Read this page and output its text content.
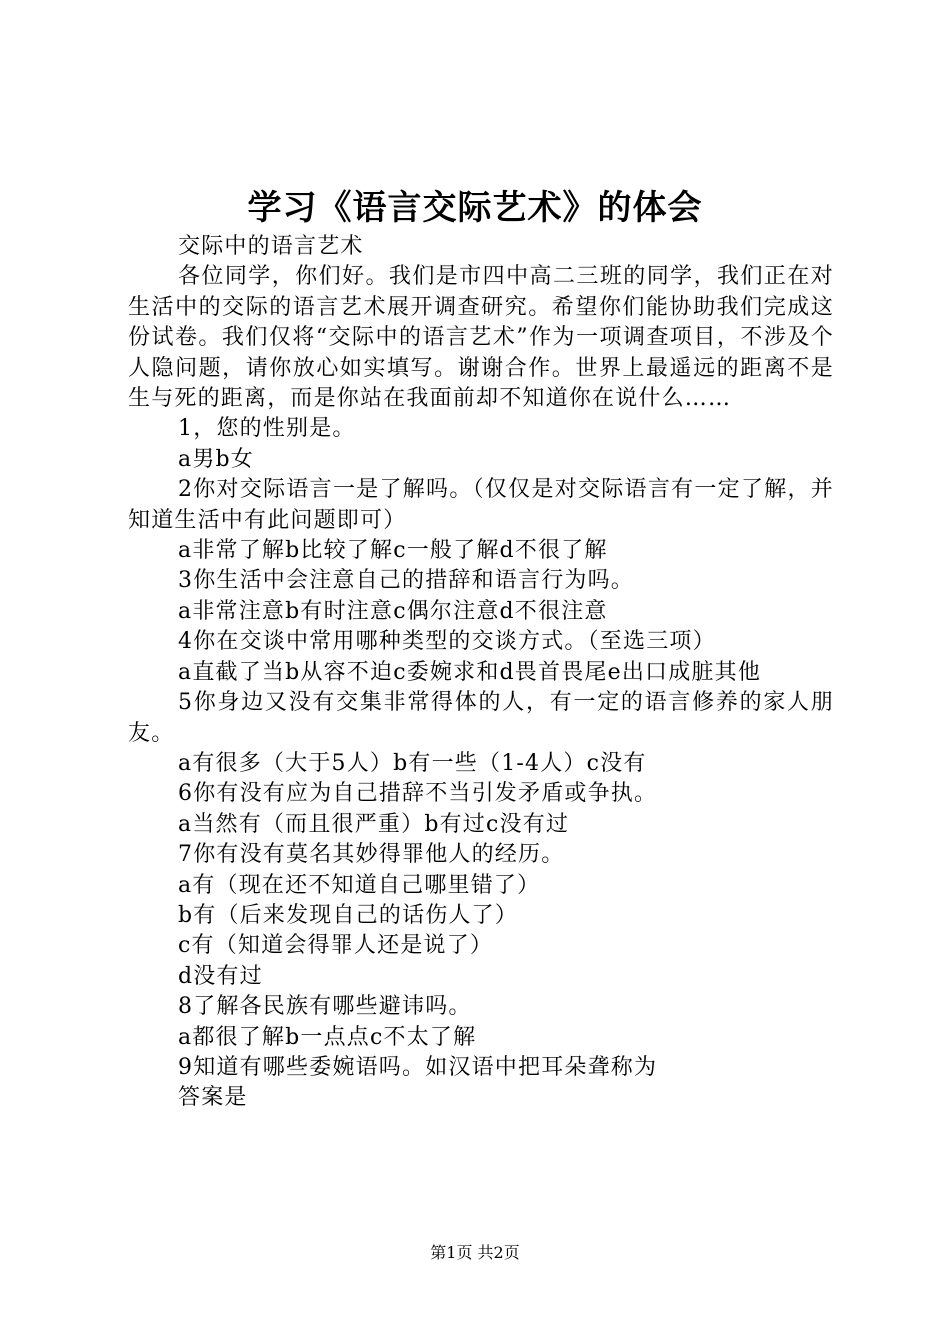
学习《语言交际艺术》的体会

交际中的语言艺术

各位同学，你们好。我们是市四中高二三班的同学，我们正在对生活中的交际的语言艺术展开调查研究。希望你们能协助我们完成这份试卷。我们仅将“交际中的语言艺术”作为一项调查项目，不涉及个人隐问题，请你放心如实填写。谢谢合作。世界上最遥远的距离不是生与死的距离，而是你站在我面前却不知道你在说什么……

1，您的性别是。

a男b女

2你对交际语言一是了解吗。（仅仅是对交际语言有一定了解，并知道生活中有此问题即可）

a非常了解b比较了解c一般了解d不很了解

3你生活中会注意自己的措辞和语言行为吗。

a非常注意b有时注意c偶尔注意d不很注意

4你在交谈中常用哪种类型的交谈方式。（至选三项）

a直截了当b从容不迫c委婉求和d畏首畏尾e出口成脏其他

5你身边又没有交集非常得体的人，有一定的语言修养的家人朋友。

a有很多（大于5人）b有一些（1-4人）c没有

6你有没有应为自己措辞不当引发矛盾或争执。

a当然有（而且很严重）b有过c没有过

7你有没有莫名其妙得罪他人的经历。

a有（现在还不知道自己哪里错了）

b有（后来发现自己的话伤人了）

c有（知道会得罪人还是说了）

d没有过

8了解各民族有哪些避讳吗。

a都很了解b一点点c不太了解

9知道有哪些委婉语吗。如汉语中把耳朵聋称为

答案是

第1页 共2页
